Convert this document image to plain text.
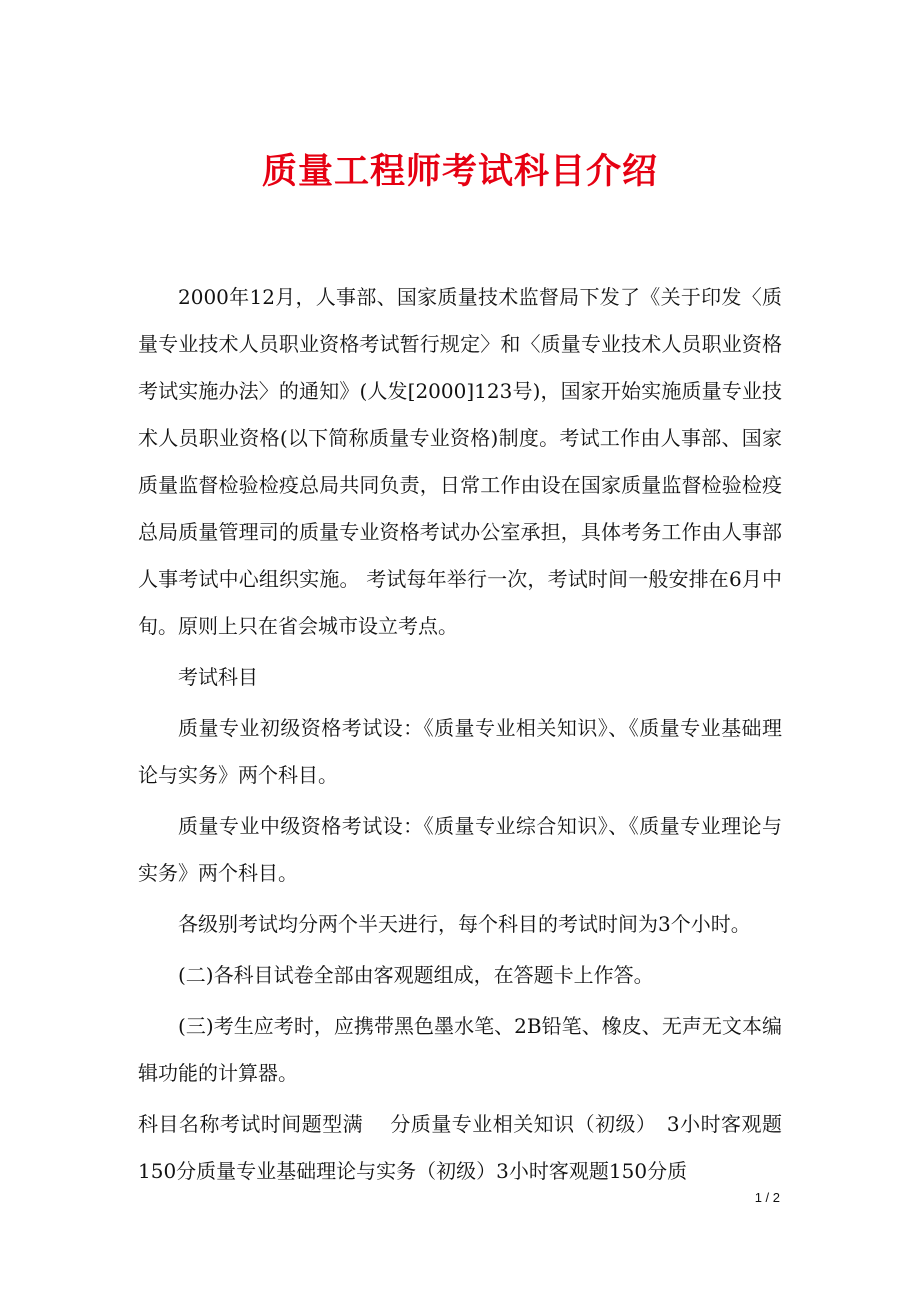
质量工程师考试科目介绍

2000年12月，人事部、国家质量技术监督局下发了《关于印发〈质量专业技术人员职业资格考试暂行规定〉和〈质量专业技术人员职业资格考试实施办法〉的通知》(人发[2000]123号)，国家开始实施质量专业技术人员职业资格(以下简称质量专业资格)制度。考试工作由人事部、国家质量监督检验检疫总局共同负责，日常工作由设在国家质量监督检验检疫总局质量管理司的质量专业资格考试办公室承担，具体考务工作由人事部人事考试中心组织实施。 考试每年举行一次，考试时间一般安排在6月中旬。原则上只在省会城市设立考点。

考试科目

质量专业初级资格考试设：《质量专业相关知识》、《质量专业基础理论与实务》两个科目。

质量专业中级资格考试设：《质量专业综合知识》、《质量专业理论与实务》两个科目。

各级别考试均分两个半天进行，每个科目的考试时间为3个小时。

(二)各科目试卷全部由客观题组成，在答题卡上作答。

(三)考生应考时，应携带黑色墨水笔、2B铅笔、橡皮、无声无文本编辑功能的计算器。

科目名称考试时间题型满　 分质量专业相关知识（初级）　3小时客观题150分质量专业基础理论与实务（初级）3小时客观题150分质

1 / 2
